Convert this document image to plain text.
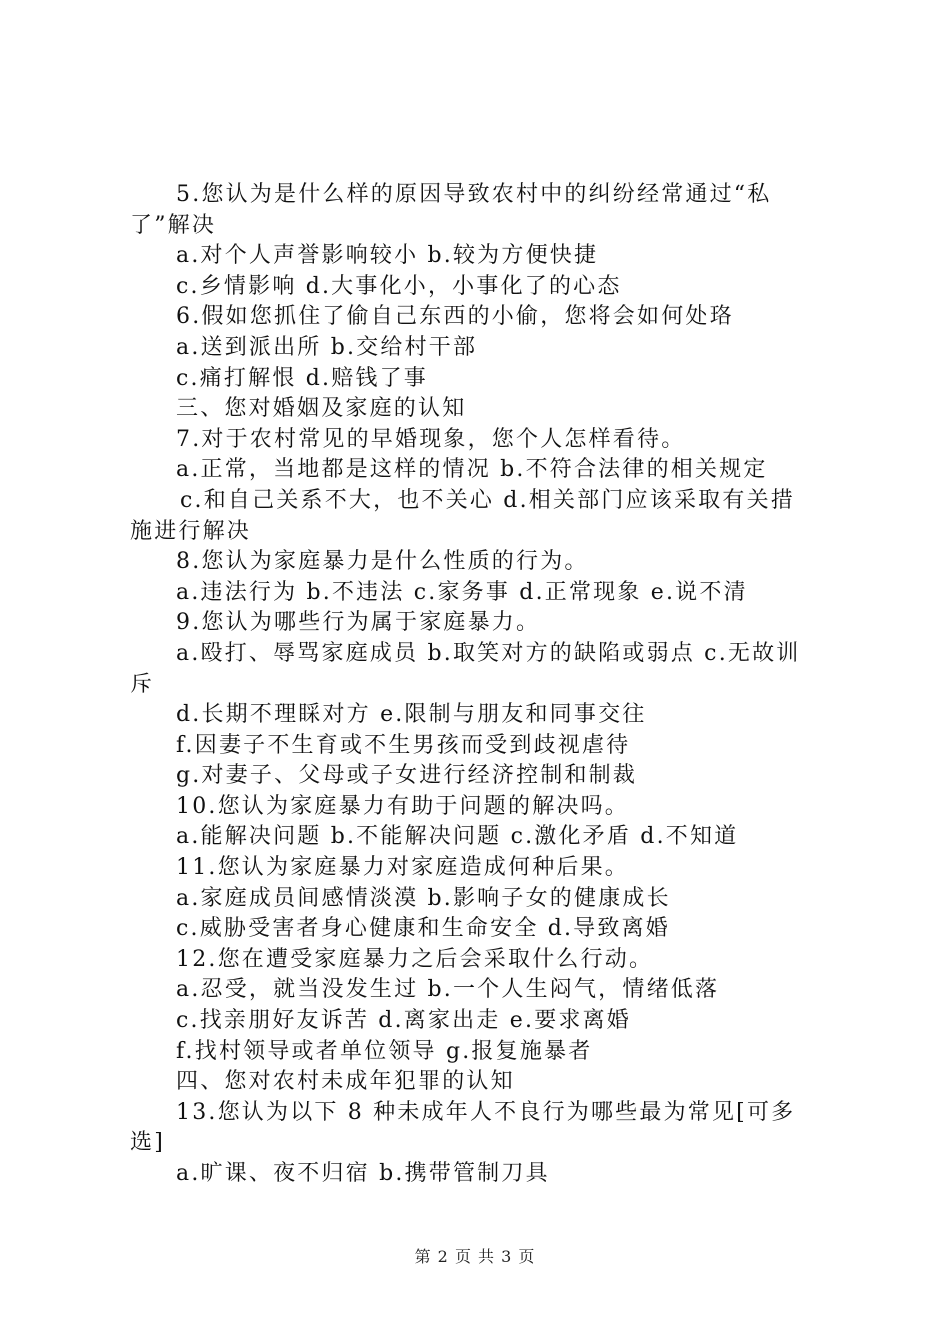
5.您认为是什么样的原因导致农村中的纠纷经常通过“私

了”解决

a.对个人声誉影响较小 b.较为方便快捷

c.乡情影响 d.大事化小，小事化了的心态

6.假如您抓住了偷自己东西的小偷，您将会如何处珞

a.送到派出所 b.交给村干部

c.痛打解恨 d.赔钱了事

三、您对婚姻及家庭的认知

7.对于农村常见的早婚现象，您个人怎样看待。

a.正常，当地都是这样的情况 b.不符合法律的相关规定

c.和自己关系不大，也不关心 d.相关部门应该采取有关措

施进行解决

8.您认为家庭暴力是什么性质的行为。

a.违法行为 b.不违法 c.家务事 d.正常现象 e.说不清

9.您认为哪些行为属于家庭暴力。

a.殴打、辱骂家庭成员 b.取笑对方的缺陷或弱点 c.无故训

斥

d.长期不理睬对方 e.限制与朋友和同事交往

f.因妻子不生育或不生男孩而受到歧视虐待

g.对妻子、父母或子女进行经济控制和制裁

10.您认为家庭暴力有助于问题的解决吗。

a.能解决问题 b.不能解决问题 c.激化矛盾 d.不知道

11.您认为家庭暴力对家庭造成何种后果。

a.家庭成员间感情淡漠 b.影响子女的健康成长

c.威胁受害者身心健康和生命安全 d.导致离婚

12.您在遭受家庭暴力之后会采取什么行动。

a.忍受，就当没发生过 b.一个人生闷气，情绪低落

c.找亲朋好友诉苦 d.离家出走 e.要求离婚

f.找村领导或者单位领导 g.报复施暴者

四、您对农村未成年犯罪的认知

13.您认为以下 8 种未成年人不良行为哪些最为常见[可多

选]

a.旷课、夜不归宿 b.携带管制刀具

第 2 页 共 3 页
